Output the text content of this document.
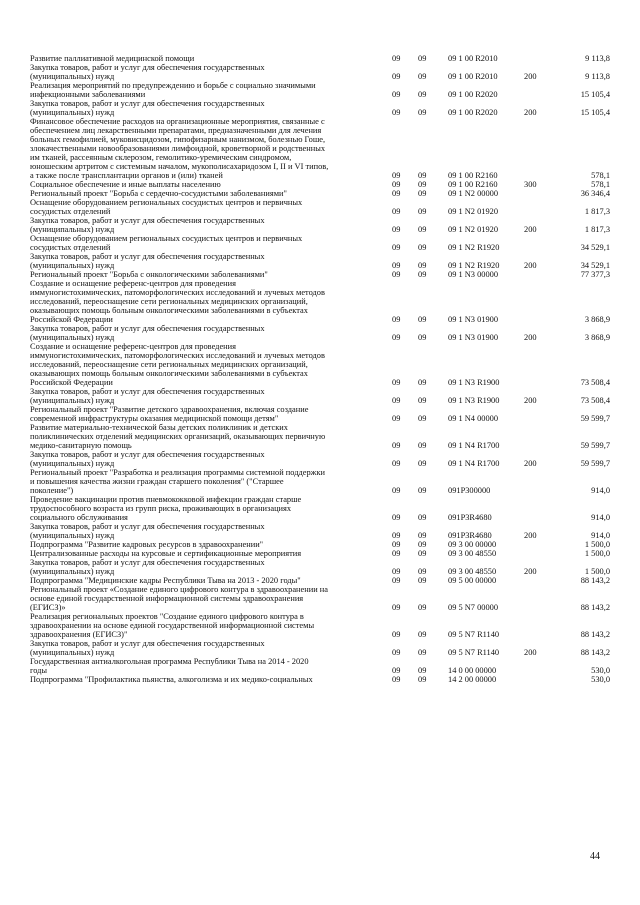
Развитие паллиативной медицинской помощи	09	09	09 1 00 R2010	9 113,8
Закупка товаров, работ и услуг для обеспечения государственных
(муниципальных) нужд	09	09	09 1 00 R2010	200	9 113,8
Реализация мероприятий по предупреждению и борьбе с социально значимыми
инфекционными заболеваниями	09	09	09 1 00 R2020	15 105,4
Закупка товаров, работ и услуг для обеспечения государственных
(муниципальных) нужд	09	09	09 1 00 R2020	200	15 105,4
Финансовое обеспечение расходов на организационные мероприятия, связанные с
обеспечением лиц лекарственными препаратами, предназначенными для лечения
больных гемофилией, муковисцидозом, гипофизарным нанизмом, болезнью Гоше,
злокачественными новообразованиями лимфоидной, кроветворной и родственных
им тканей, рассеянным склерозом, гемолитико-уремическим синдромом,
юношеским артритом с системным началом, мукополисахаридозом I, II и VI типов,
а также после трансплантации органов и (или) тканей	09	09	09 1 00 R2160	578,1
Социальное обеспечение и иные выплаты населению	09	09	09 1 00 R2160	300	578,1
Региональный проект "Борьба с сердечно-сосудистыми заболеваниями"	09	09	09 1 N2 00000	36 346,4
Оснащение оборудованием региональных сосудистых центров и первичных
сосудистых отделений	09	09	09 1 N2 01920	1 817,3
Закупка товаров, работ и услуг для обеспечения государственных
(муниципальных) нужд	09	09	09 1 N2 01920	200	1 817,3
Оснащение оборудованием региональных сосудистых центров и первичных
сосудистых отделений	09	09	09 1 N2 R1920	34 529,1
Закупка товаров, работ и услуг для обеспечения государственных
(муниципальных) нужд	09	09	09 1 N2 R1920	200	34 529,1
Региональный проект "Борьба с онкологическими заболеваниями"	09	09	09 1 N3 00000	77 377,3
Создание и оснащение референс-центров для проведения
иммуногистохимических, патоморфологических исследований и лучевых методов
исследований, переоснащение сети региональных медицинских организаций,
оказывающих помощь больным онкологическими заболеваниями в субъектах
Российской Федерации	09	09	09 1 N3 01900	3 868,9
Закупка товаров, работ и услуг для обеспечения государственных
(муниципальных) нужд	09	09	09 1 N3 01900	200	3 868,9
Создание и оснащение референс-центров для проведения
иммуногистохимических, патоморфологических исследований и лучевых методов
исследований, переоснащение сети региональных медицинских организаций,
оказывающих помощь больным онкологическими заболеваниями в субъектах
Российской Федерации	09	09	09 1 N3 R1900	73 508,4
Закупка товаров, работ и услуг для обеспечения государственных
(муниципальных) нужд	09	09	09 1 N3 R1900	200	73 508,4
Региональный проект "Развитие детского здравоохранения, включая создание
современной инфраструктуры оказания медицинской помощи детям"	09	09	09 1 N4 00000	59 599,7
Развитие материально-технической базы детских поликлиник и детских
поликлинических отделений медицинских организаций, оказывающих первичную
медико-санитарную помощь	09	09	09 1 N4 R1700	59 599,7
Закупка товаров, работ и услуг для обеспечения государственных
(муниципальных) нужд	09	09	09 1 N4 R1700	200	59 599,7
Региональный проект "Разработка и реализация программы системной поддержки
и повышения качества жизни граждан старшего поколения" ("Старшее
поколение")	09	09	091P300000	914,0
Проведение вакцинации против пневмококковой инфекции граждан старше
трудоспособного возраста из групп риска, проживающих в организациях
социального обслуживания	09	09	091P3R4680	914,0
Закупка товаров, работ и услуг для обеспечения государственных
(муниципальных) нужд	09	09	091P3R4680	200	914,0
Подпрограмма "Развитие кадровых ресурсов в здравоохранении"	09	09	09 3 00 00000	1 500,0
Централизованные расходы на курсовые и сертификационные мероприятия	09	09	09 3 00 48550	1 500,0
Закупка товаров, работ и услуг для обеспечения государственных
(муниципальных) нужд	09	09	09 3 00 48550	200	1 500,0
Подпрограмма "Медицинские кадры Республики Тыва на 2013 - 2020 годы"	09	09	09 5 00 00000	88 143,2
Региональный проект «Создание единого цифрового контура в здравоохранении на
основе единой государственной информационной системы здравоохранения
(ЕГИСЗ)»	09	09	09 5 N7 00000	88 143,2
Реализация региональных проектов "Создание единого цифрового контура в
здравоохранении на основе единой государственной информационной системы
здравоохранения (ЕГИСЗ)"	09	09	09 5 N7 R1140	88 143,2
Закупка товаров, работ и услуг для обеспечения государственных
(муниципальных) нужд	09	09	09 5 N7 R1140	200	88 143,2
Государственная антиалкогольная программа Республики Тыва на 2014 - 2020
годы	09	09	14 0 00 00000	530,0
Подпрограмма "Профилактика пьянства, алкоголизма и их медико-социальных	09	09	14 2 00 00000	530,0
44
